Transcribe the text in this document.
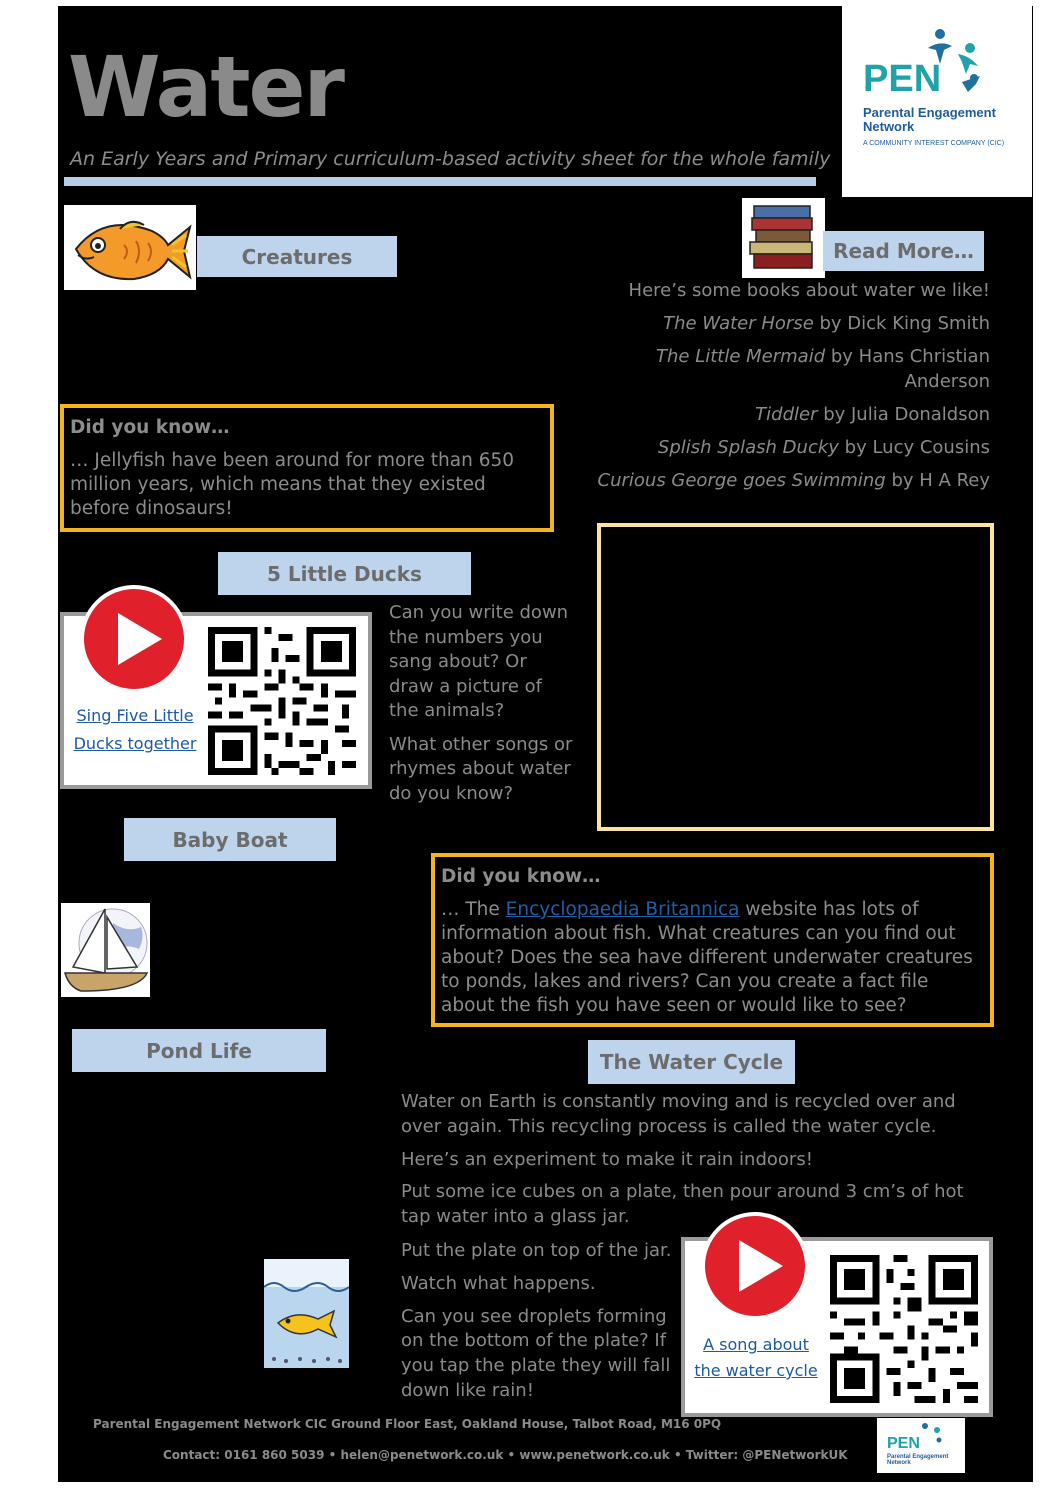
Water
An Early Years and Primary curriculum-based activity sheet for the whole family
PEN
Parental Engagement
Network
A COMMUNITY INTEREST COMPANY (CIC)
Creatures	Read More…
Here’s some books about water we like!
The Water Horse by Dick King Smith
The Little Mermaid by Hans Christian Anderson
Tiddler by Julia Donaldson
Splish Splash Ducky by Lucy Cousins
Curious George goes Swimming by H A Rey
Did you know…
… Jellyfish have been around for more than 650 million years, which means that they existed before dinosaurs!
5 Little Ducks
Sing Five Little
Ducks together
Can you write down the numbers you sang about? Or draw a picture of the animals?
What other songs or rhymes about water do you know?
Baby Boat
Did you know…
… The Encyclopaedia Britannica website has lots of information about fish. What creatures can you find out about? Does the sea have different underwater creatures to ponds, lakes and rivers? Can you create a fact file about the fish you have seen or would like to see?
Pond Life	The Water Cycle
Water on Earth is constantly moving and is recycled over and over again. This recycling process is called the water cycle.
Here’s an experiment to make it rain indoors!
Put some ice cubes on a plate, then pour around 3 cm’s of hot tap water into a glass jar.
Put the plate on top of the jar.
Watch what happens.
Can you see droplets forming on the bottom of the plate? If you tap the plate they will fall down like rain!
A song about
the water cycle
Parental Engagement Network CIC Ground Floor East, Oakland House, Talbot Road, M16 0PQ
Contact: 0161 860 5039 • helen@penetwork.co.uk • www.penetwork.co.uk • Twitter: @PENetworkUK
PEN
Parental Engagement
Network
